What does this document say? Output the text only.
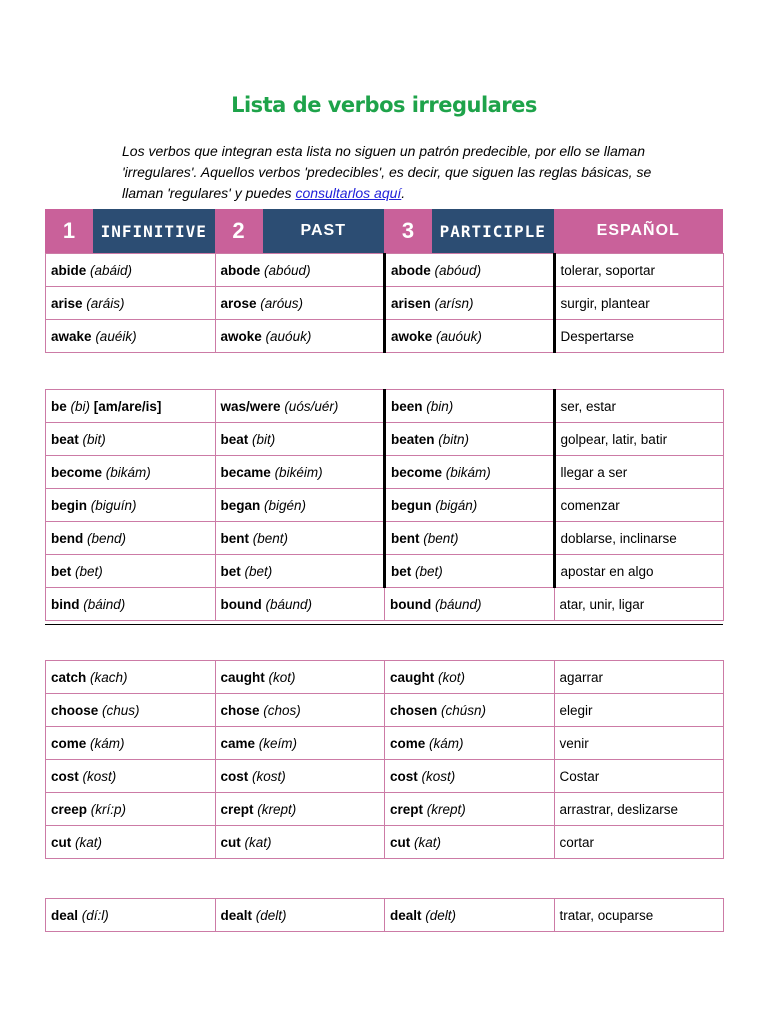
Lista de verbos irregulares
Los verbos que integran esta lista no siguen un patrón predecible, por ello se llaman 'irregulares'. Aquellos verbos 'predecibles', es decir, que siguen las reglas básicas, se llaman 'regulares' y puedes consultarlos aquí.
1	INFINITIVE	2	PAST	3	PARTICIPLE	ESPAÑOL
abide (abáid)	abode (abóud)	abode (abóud)	tolerar, soportar
arise (aráis)	arose (aróus)	arisen (arísn)	surgir, plantear
awake (auéik)	awoke (auóuk)	awoke (auóuk)	Despertarse
be (bi) [am/are/is]	was/were (uós/uér)	been (bin)	ser, estar
beat (bit)	beat (bit)	beaten (bitn)	golpear, latir, batir
become (bikám)	became (bikéim)	become (bikám)	llegar a ser
begin (biguín)	began (bigén)	begun (bigán)	comenzar
bend (bend)	bent (bent)	bent (bent)	doblarse, inclinarse
bet (bet)	bet (bet)	bet (bet)	apostar en algo
bind (báind)	bound (báund)	bound (báund)	atar, unir, ligar
catch (kach)	caught (kot)	caught (kot)	agarrar
choose (chus)	chose (chos)	chosen (chúsn)	elegir
come (kám)	came (keím)	come (kám)	venir
cost (kost)	cost (kost)	cost (kost)	Costar
creep (krí:p)	crept (krept)	crept (krept)	arrastrar, deslizarse
cut (kat)	cut (kat)	cut (kat)	cortar
deal (dí:l)	dealt (delt)	dealt (delt)	tratar, ocuparse
